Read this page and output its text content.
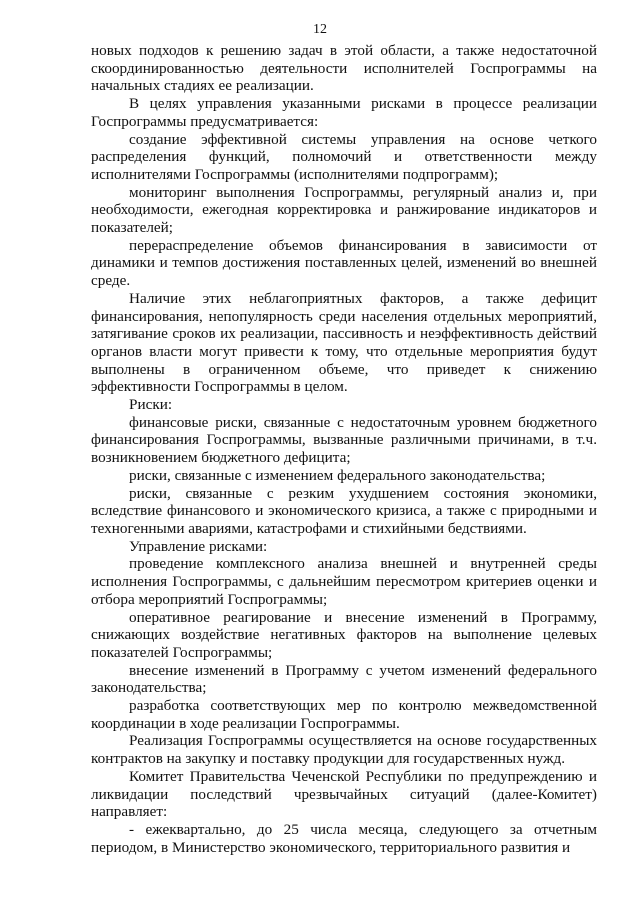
12

новых подходов к решению задач в этой области, а также недостаточной скоординированностью деятельности исполнителей Госпрограммы на начальных стадиях ее реализации.

В целях управления указанными рисками в процессе реализации Госпрограммы предусматривается:

создание эффективной системы управления на основе четкого распределения функций, полномочий и ответственности между исполнителями Госпрограммы (исполнителями подпрограмм);

мониторинг выполнения Госпрограммы, регулярный анализ и, при необходимости, ежегодная корректировка и ранжирование индикаторов и показателей;

перераспределение объемов финансирования в зависимости от динамики и темпов достижения поставленных целей, изменений во внешней среде.

Наличие этих неблагоприятных факторов, а также дефицит финансирования, непопулярность среди населения отдельных мероприятий, затягивание сроков их реализации, пассивность и неэффективность действий органов власти могут привести к тому, что отдельные мероприятия будут выполнены в ограниченном объеме, что приведет к снижению эффективности Госпрограммы в целом.

Риски:

финансовые риски, связанные с недостаточным уровнем бюджетного финансирования Госпрограммы, вызванные различными причинами, в т.ч. возникновением бюджетного дефицита;

риски, связанные с изменением федерального законодательства;

риски, связанные с резким ухудшением состояния экономики, вследствие финансового и экономического кризиса, а также с природными и техногенными авариями, катастрофами и стихийными бедствиями.

Управление рисками:

проведение комплексного анализа внешней и внутренней среды исполнения Госпрограммы, с дальнейшим пересмотром критериев оценки и отбора мероприятий Госпрограммы;

оперативное реагирование и внесение изменений в Программу, снижающих воздействие негативных факторов на выполнение целевых показателей Госпрограммы;

внесение изменений в Программу с учетом изменений федерального законодательства;

разработка соответствующих мер по контролю межведомственной координации в ходе реализации Госпрограммы.

Реализация Госпрограммы осуществляется на основе государственных контрактов на закупку и поставку продукции для государственных нужд.

Комитет Правительства Чеченской Республики по предупреждению и ликвидации последствий чрезвычайных ситуаций (далее-Комитет) направляет:

- ежеквартально, до 25 числа месяца, следующего за отчетным периодом, в Министерство экономического, территориального развития и
